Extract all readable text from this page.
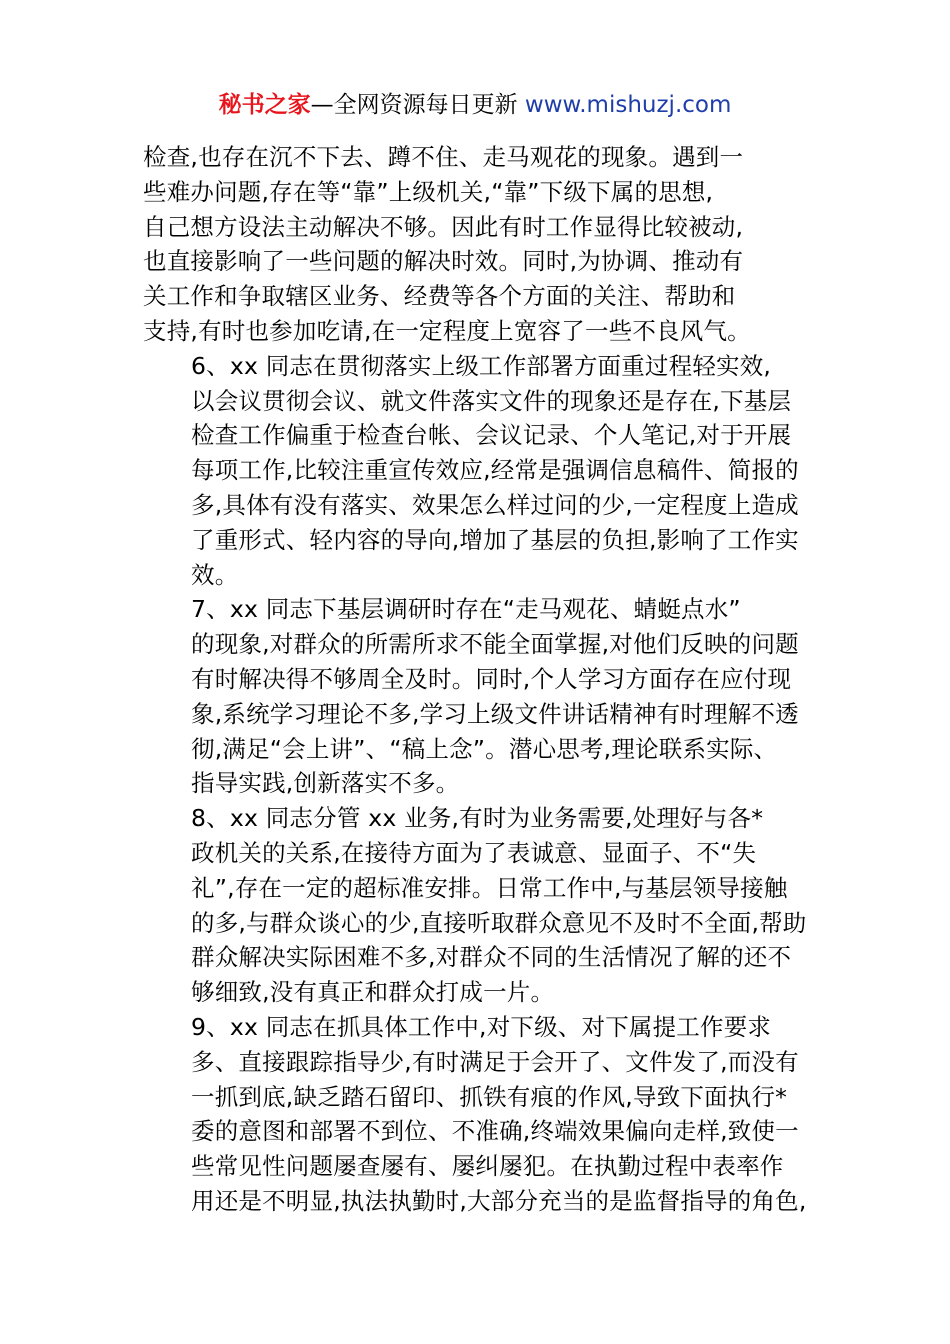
秘书之家—全网资源每日更新 www.mishuzj.com

检查,也存在沉不下去、蹲不住、走马观花的现象。遇到一
些难办问题,存在等“靠”上级机关,“靠”下级下属的思想,
自己想方设法主动解决不够。因此有时工作显得比较被动,
也直接影响了一些问题的解决时效。同时,为协调、推动有
关工作和争取辖区业务、经费等各个方面的关注、帮助和
支持,有时也参加吃请,在一定程度上宽容了一些不良风气。

6、xx 同志在贯彻落实上级工作部署方面重过程轻实效,
以会议贯彻会议、就文件落实文件的现象还是存在,下基层
检查工作偏重于检查台帐、会议记录、个人笔记,对于开展
每项工作,比较注重宣传效应,经常是强调信息稿件、简报的
多,具体有没有落实、效果怎么样过问的少,一定程度上造成
了重形式、轻内容的导向,增加了基层的负担,影响了工作实
效。

7、xx 同志下基层调研时存在“走马观花、蜻蜓点水”
的现象,对群众的所需所求不能全面掌握,对他们反映的问题
有时解决得不够周全及时。同时,个人学习方面存在应付现
象,系统学习理论不多,学习上级文件讲话精神有时理解不透
彻,满足“会上讲”、“稿上念”。潜心思考,理论联系实际、
指导实践,创新落实不多。

8、xx 同志分管 xx 业务,有时为业务需要,处理好与各*
政机关的关系,在接待方面为了表诚意、显面子、不“失
礼”,存在一定的超标准安排。日常工作中,与基层领导接触
的多,与群众谈心的少,直接听取群众意见不及时不全面,帮助
群众解决实际困难不多,对群众不同的生活情况了解的还不
够细致,没有真正和群众打成一片。

9、xx 同志在抓具体工作中,对下级、对下属提工作要求
多、直接跟踪指导少,有时满足于会开了、文件发了,而没有
一抓到底,缺乏踏石留印、抓铁有痕的作风,导致下面执行*
委的意图和部署不到位、不准确,终端效果偏向走样,致使一
些常见性问题屡查屡有、屡纠屡犯。在执勤过程中表率作
用还是不明显,执法执勤时,大部分充当的是监督指导的角色,
